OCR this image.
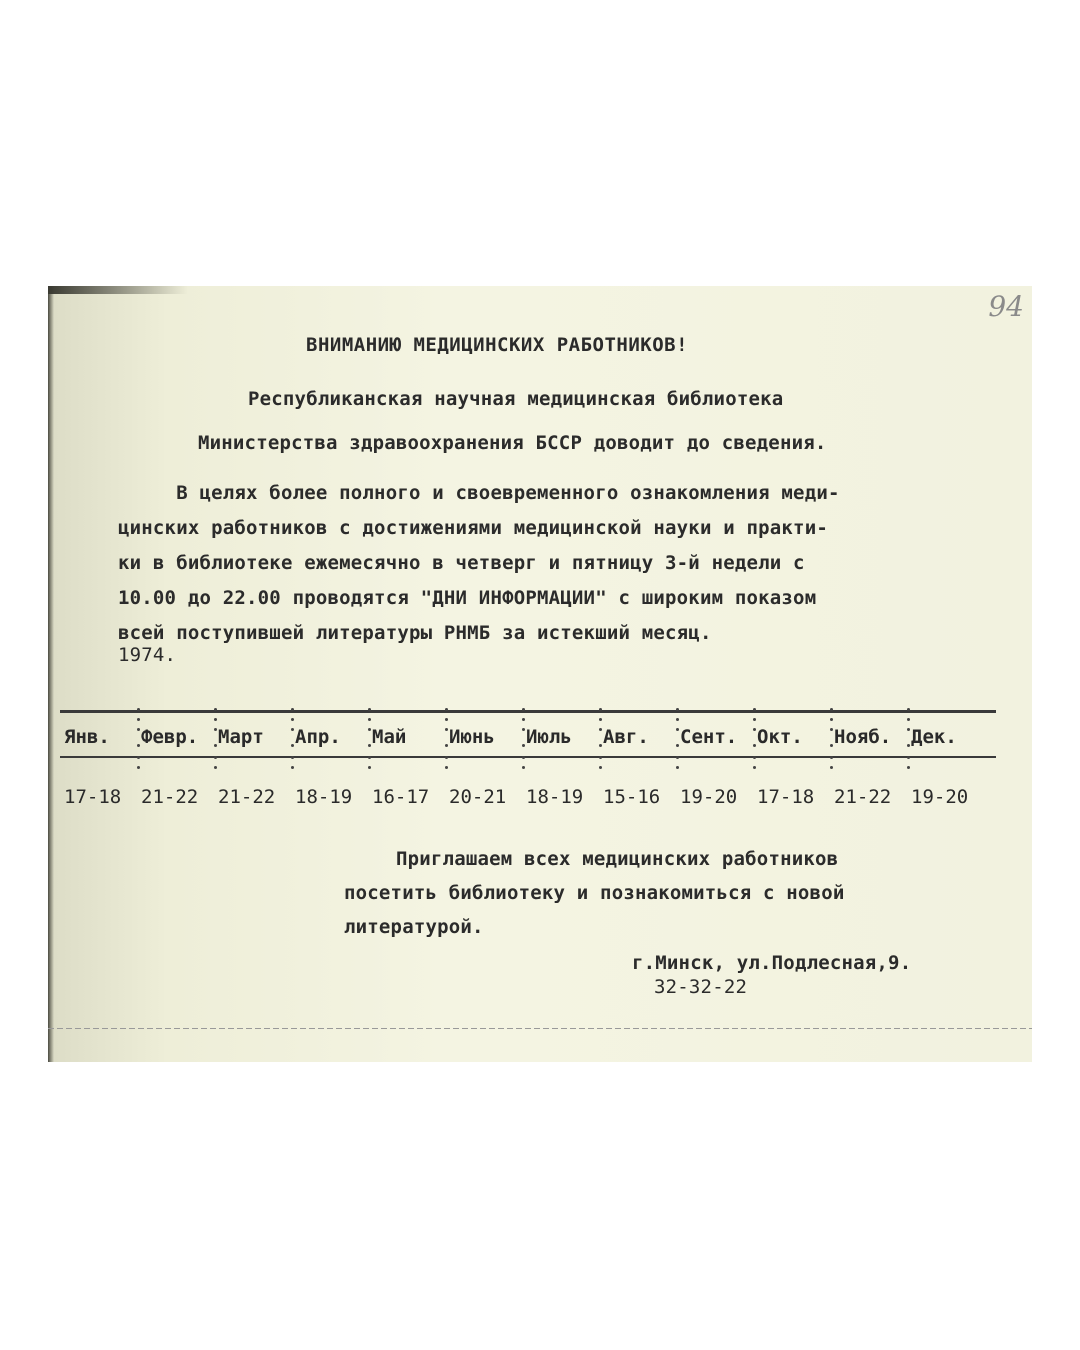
94
ВНИМАНИЮ МЕДИЦИНСКИХ РАБОТНИКОВ!
Республиканская научная медицинская библиотека
Министерства здравоохранения БССР доводит до сведения.
В целях более полного и своевременного ознакомления меди-
цинских работников с достижениями медицинской науки и практи-
ки в библиотеке ежемесячно в четверг и пятницу 3-й недели с
10.00 до 22.00 проводятся "ДНИ ИНФОРМАЦИИ" с широким показом
всей поступившей литературы РНМБ за истекший месяц.
1974.
Янв.	Февр.	Март	Апр.	Май	Июнь	Июль	Авг.	Сент.	Окт.	Нояб.	Дек.
17-18	21-22	21-22	18-19	16-17	20-21	18-19	15-16	19-20	17-18	21-22	19-20
Приглашаем всех медицинских работников
посетить библиотеку и познакомиться с новой
литературой.
г.Минск, ул.Подлесная,9.
32-32-22
